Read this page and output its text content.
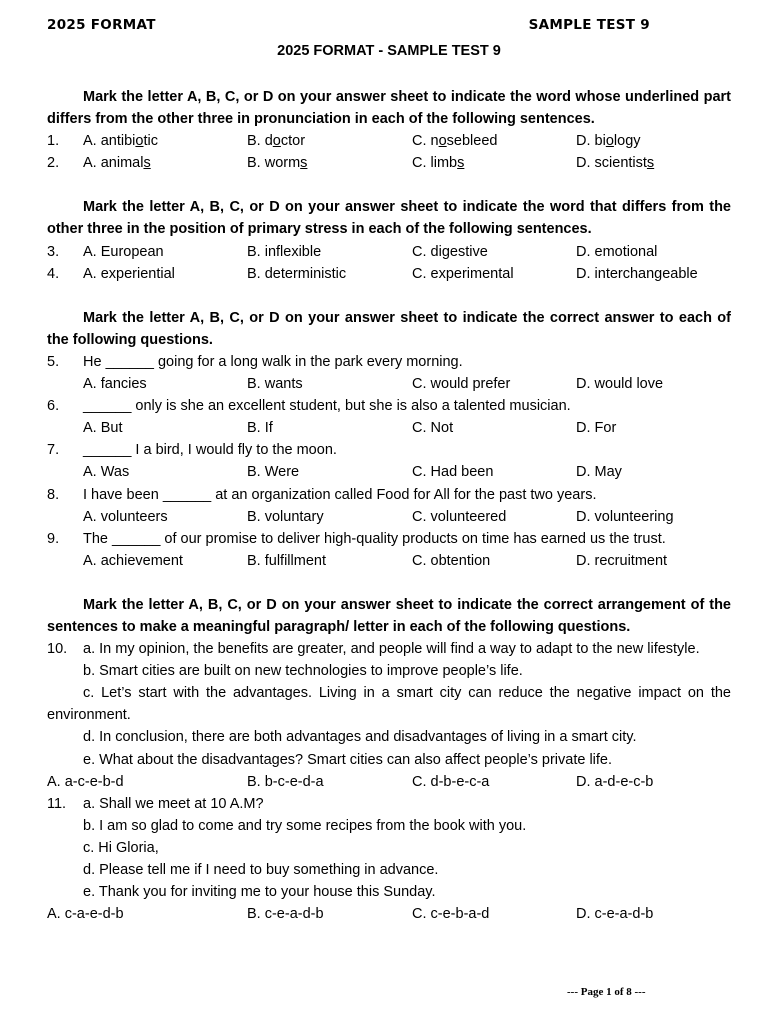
2025 FORMAT	SAMPLE TEST 9
2025 FORMAT - SAMPLE TEST 9

Mark the letter A, B, C, or D on your answer sheet to indicate the word whose underlined part differs from the other three in pronunciation in each of the following sentences.

1. A. antibiotic	B. doctor	C. nosebleed	D. biology
2. A. animals	B. worms	C. limbs	D. scientists

Mark the letter A, B, C, or D on your answer sheet to indicate the word that differs from the other three in the position of primary stress in each of the following sentences.

3. A. European	B. inflexible	C. digestive	D. emotional
4. A. experiential	B. deterministic	C. experimental	D. interchangeable

Mark the letter A, B, C, or D on your answer sheet to indicate the correct answer to each of the following questions.

5. He ______ going for a long walk in the park every morning.
A. fancies	B. wants	C. would prefer	D. would love
6. ______ only is she an excellent student, but she is also a talented musician.
A. But	B. If	C. Not	D. For
7. ______ I a bird, I would fly to the moon.
A. Was	B. Were	C. Had been	D. May
8. I have been ______ at an organization called Food for All for the past two years.
A. volunteers	B. voluntary	C. volunteered	D. volunteering
9. The ______ of our promise to deliver high-quality products on time has earned us the trust.
A. achievement	B. fulfillment	C. obtention	D. recruitment

Mark the letter A, B, C, or D on your answer sheet to indicate the correct arrangement of the sentences to make a meaningful paragraph/ letter in each of the following questions.

10. a. In my opinion, the benefits are greater, and people will find a way to adapt to the new lifestyle.

b. Smart cities are built on new technologies to improve people’s life.

c. Let’s start with the advantages. Living in a smart city can reduce the negative impact on the environment.

d. In conclusion, there are both advantages and disadvantages of living in a smart city.

e. What about the disadvantages? Smart cities can also affect people’s private life.

A. a-c-e-b-d	B. b-c-e-d-a	C. d-b-e-c-a	D. a-d-e-c-b
11. a. Shall we meet at 10 A.M?

b. I am so glad to come and try some recipes from the book with you.

c. Hi Gloria,

d. Please tell me if I need to buy something in advance.

e. Thank you for inviting me to your house this Sunday.

A. c-a-e-d-b	B. c-e-a-d-b	C. c-e-b-a-d	D. c-e-a-d-b
--- Page 1 of 8 ---
